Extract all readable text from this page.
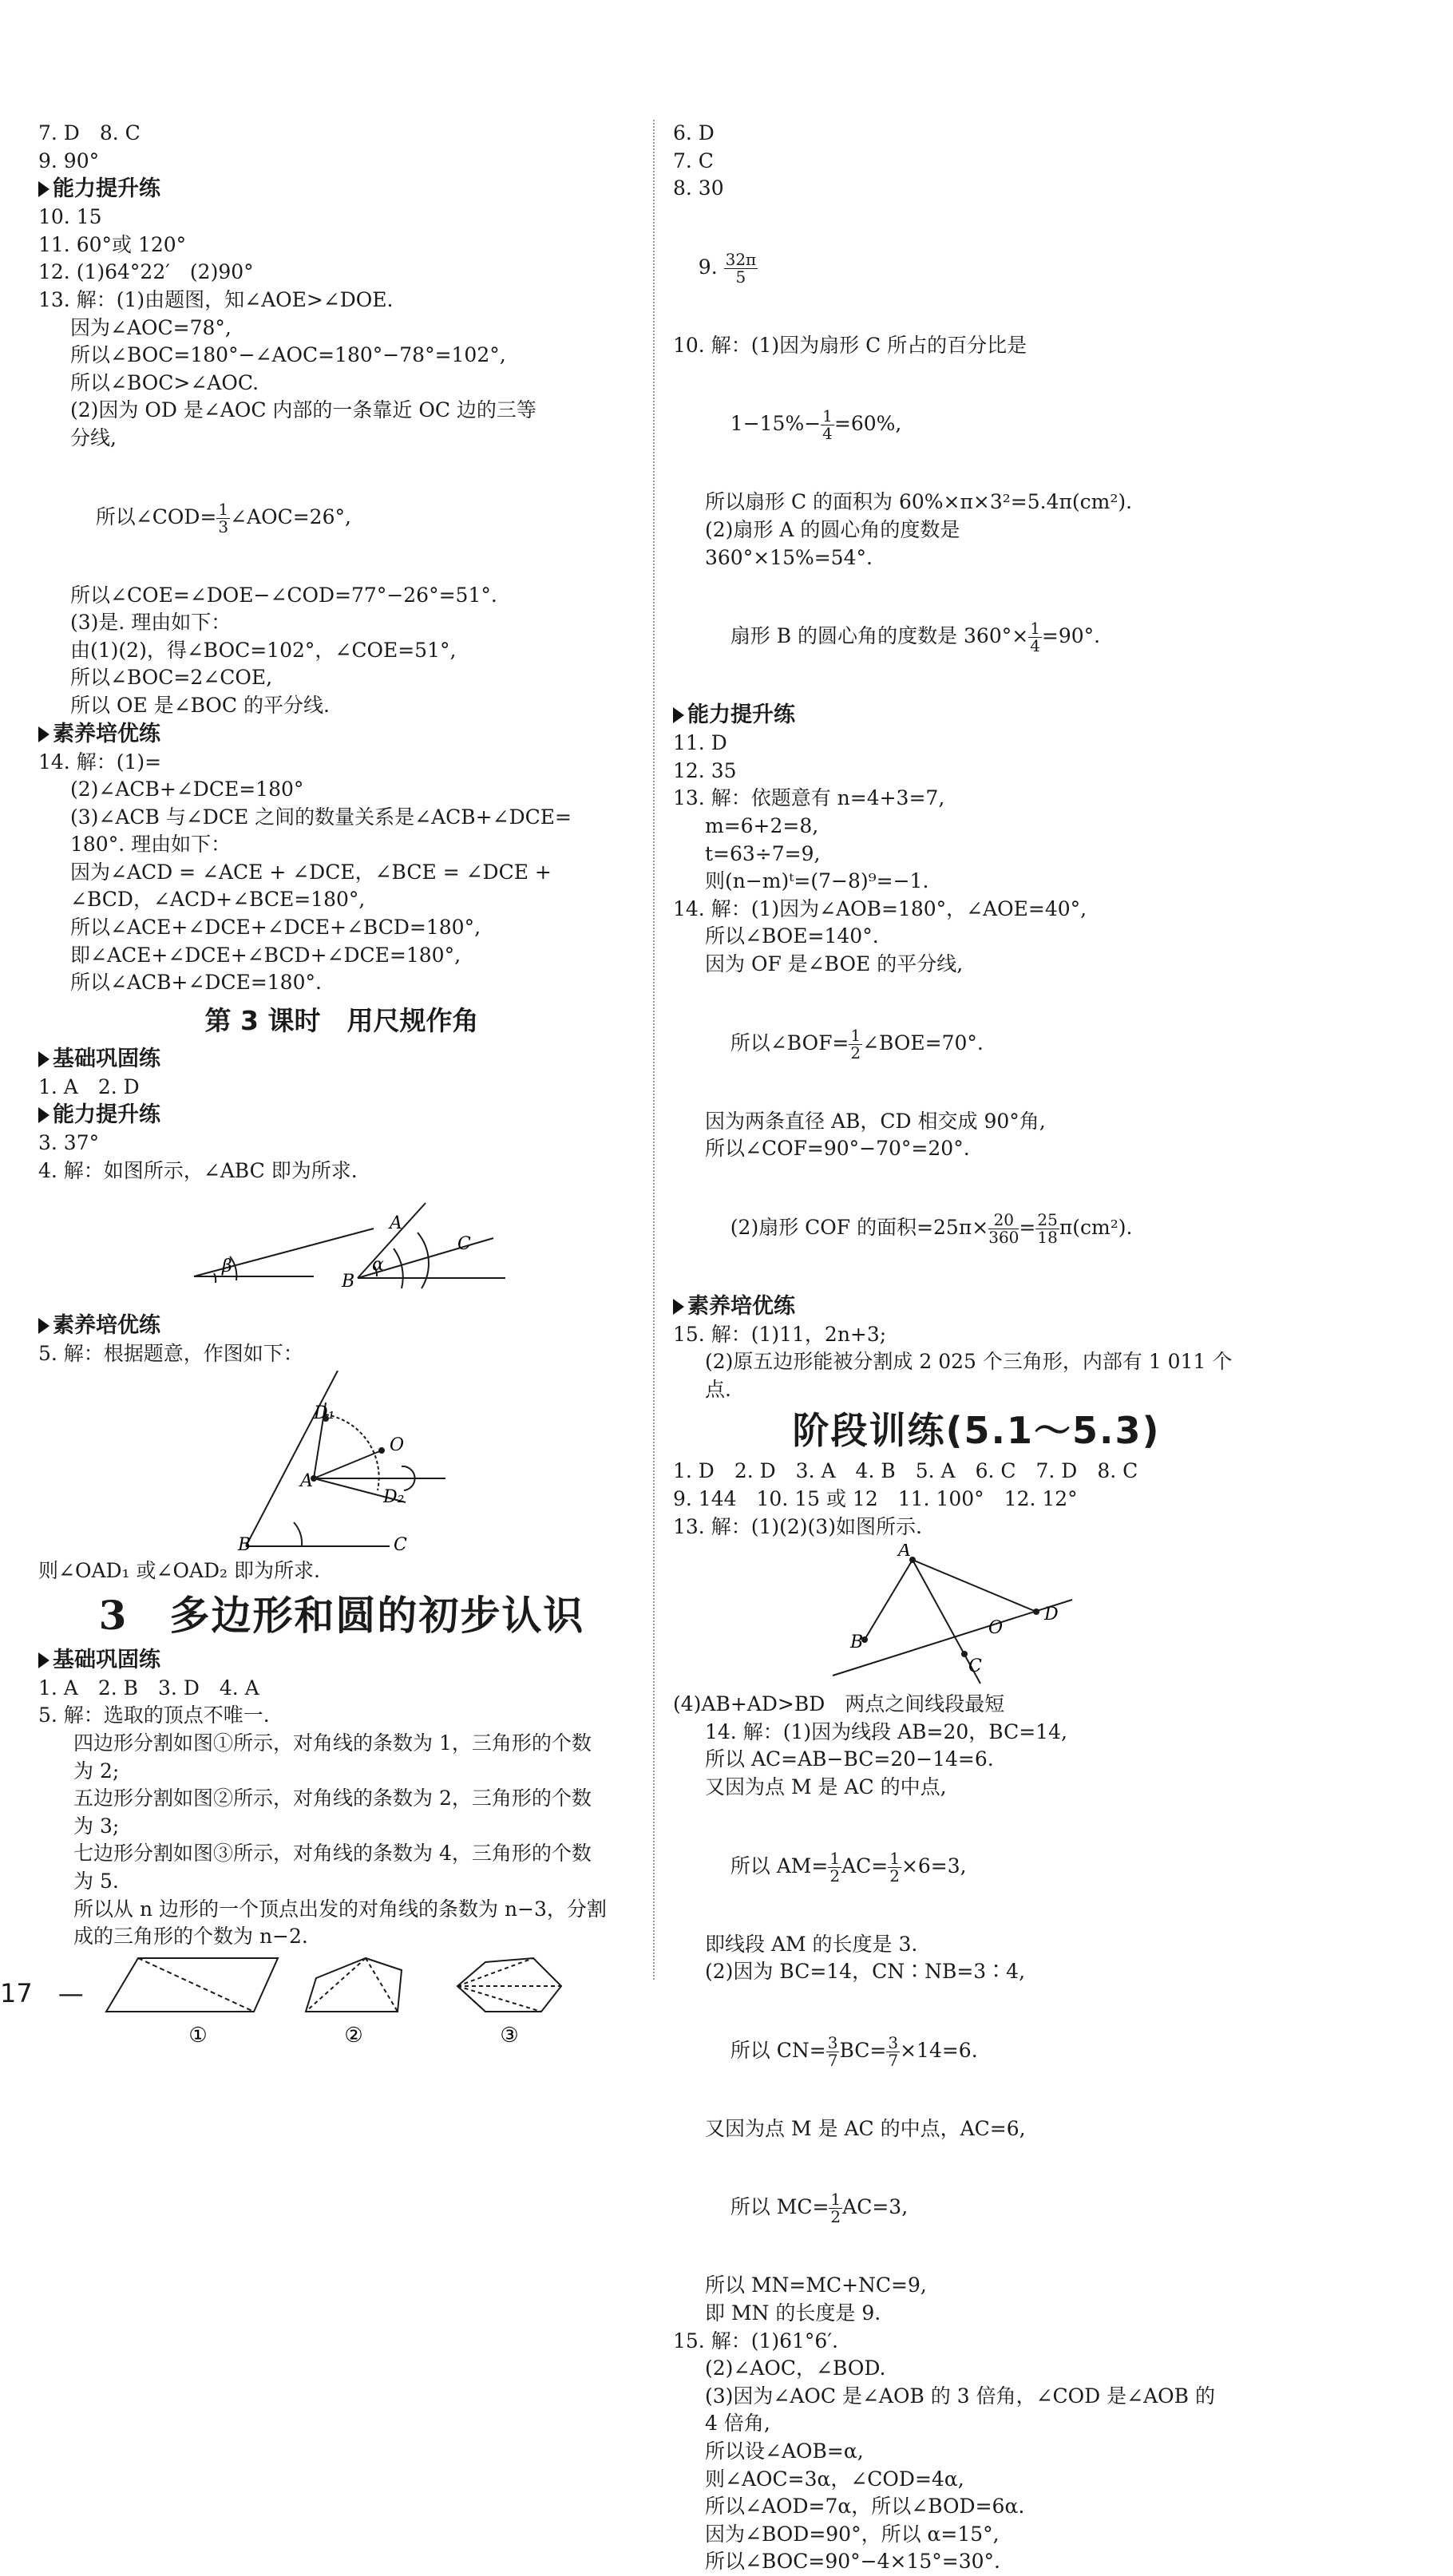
7. D　8. C
9. 90°
能力提升练
10. 15
11. 60°或 120°
12. (1)64°22′　(2)90°
13. 解：(1)由题图，知∠AOE>∠DOE.
因为∠AOC=78°,
所以∠BOC=180°−∠AOC=180°−78°=102°,
所以∠BOC>∠AOC.
(2)因为 OD 是∠AOC 内部的一条靠近 OC 边的三等
分线,

所以∠COD= $\frac{1}{3}$ ∠AOC=26°,

所以∠COE=∠DOE−∠COD=77°−26°=51°.
(3)是. 理由如下：
由(1)(2)，得∠BOC=102°，∠COE=51°,
所以∠BOC=2∠COE,
所以 OE 是∠BOC 的平分线.
素养培优练
14. 解：(1)=
(2)∠ACB+∠DCE=180°
(3)∠ACB 与∠DCE 之间的数量关系是∠ACB+∠DCE=
180°. 理由如下：
因为∠ACD = ∠ACE + ∠DCE，∠BCE = ∠DCE +
∠BCD，∠ACD+∠BCE=180°,
所以∠ACE+∠DCE+∠DCE+∠BCD=180°,
即∠ACE+∠DCE+∠BCD+∠DCE=180°,
所以∠ACB+∠DCE=180°.
第 3 课时　用尺规作角
基础巩固练
1. A　2. D
能力提升练
3. 37°
4. 解：如图所示，∠ABC 即为所求.
β	α
B
A
C
素养培优练
5. 解：根据题意，作图如下：
B	C
A
O
D₁
D₂
则∠OAD₁ 或∠OAD₂ 即为所求.
3　多边形和圆的初步认识
基础巩固练
1. A　2. B　3. D　4. A
5. 解：选取的顶点不唯一.
四边形分割如图①所示，对角线的条数为 1，三角形的个数
为 2;
五边形分割如图②所示，对角线的条数为 2，三角形的个数
为 3;
七边形分割如图③所示，对角线的条数为 4，三角形的个数
为 5.
所以从 n 边形的一个顶点出发的对角线的条数为 n−3，分割
成的三角形的个数为 n−2.
①	②	③
6. D
7. C
8. 30

9. $\frac{32\pi}{5}$

10. 解：(1)因为扇形 C 所占的百分比是

$1-15\%- \frac{1}{4} =60\%$,

所以扇形 C 的面积为 60%×π×3²=5.4π(cm²).
(2)扇形 A 的圆心角的度数是
360°×15%=54°.

扇形 B 的圆心角的度数是 $360^\circ\times \frac{1}{4} =90^\circ$.

能力提升练
11. D
12. 35
13. 解：依题意有 n=4+3=7,
m=6+2=8,
t=63÷7=9,
则(n−m)ᵗ=(7−8)⁹=−1.
14. 解：(1)因为∠AOB=180°，∠AOE=40°,
所以∠BOE=140°.
因为 OF 是∠BOE 的平分线,

所以∠BOF= $\frac{1}{2}$ ∠BOE=70°.

因为两条直径 AB，CD 相交成 90°角,
所以∠COF=90°−70°=20°.

(2)扇形 COF 的面积$=25\pi\times \frac{20}{360} = \frac{25}{18} \pi(cm^2)$.

素养培优练
15. 解：(1)11，2n+3;
(2)原五边形能被分割成 2 025 个三角形，内部有 1 011 个
点.
阶段训练(5.1～5.3)
1. D　2. D　3. A　4. B　5. A　6. C　7. D　8. C
9. 144　10. 15 或 12　11. 100°　12. 12°
13. 解：(1)(2)(3)如图所示.
A
B
D
C
O
(4)AB+AD>BD　两点之间线段最短
14. 解：(1)因为线段 AB=20，BC=14,
所以 AC=AB−BC=20−14=6.
又因为点 M 是 AC 的中点,

所以 $AM= \frac{1}{2} AC= \frac{1}{2} \times 6=3$,

即线段 AM 的长度是 3.
(2)因为 BC=14，CN∶NB=3∶4,

所以 $CN= \frac{3}{7} BC= \frac{3}{7} \times 14=6$.

又因为点 M 是 AC 的中点，AC=6,

所以 $MC= \frac{1}{2} AC=3$,

所以 MN=MC+NC=9,
即 MN 的长度是 9.
15. 解：(1)61°6′.
(2)∠AOC，∠BOD.
(3)因为∠AOC 是∠AOB 的 3 倍角，∠COD 是∠AOB 的
4 倍角,
所以设∠AOB=α,
则∠AOC=3α，∠COD=4α,
所以∠AOD=7α，所以∠BOD=6α.
因为∠BOD=90°，所以 α=15°,
所以∠BOC=90°−4×15°=30°.
17　—
